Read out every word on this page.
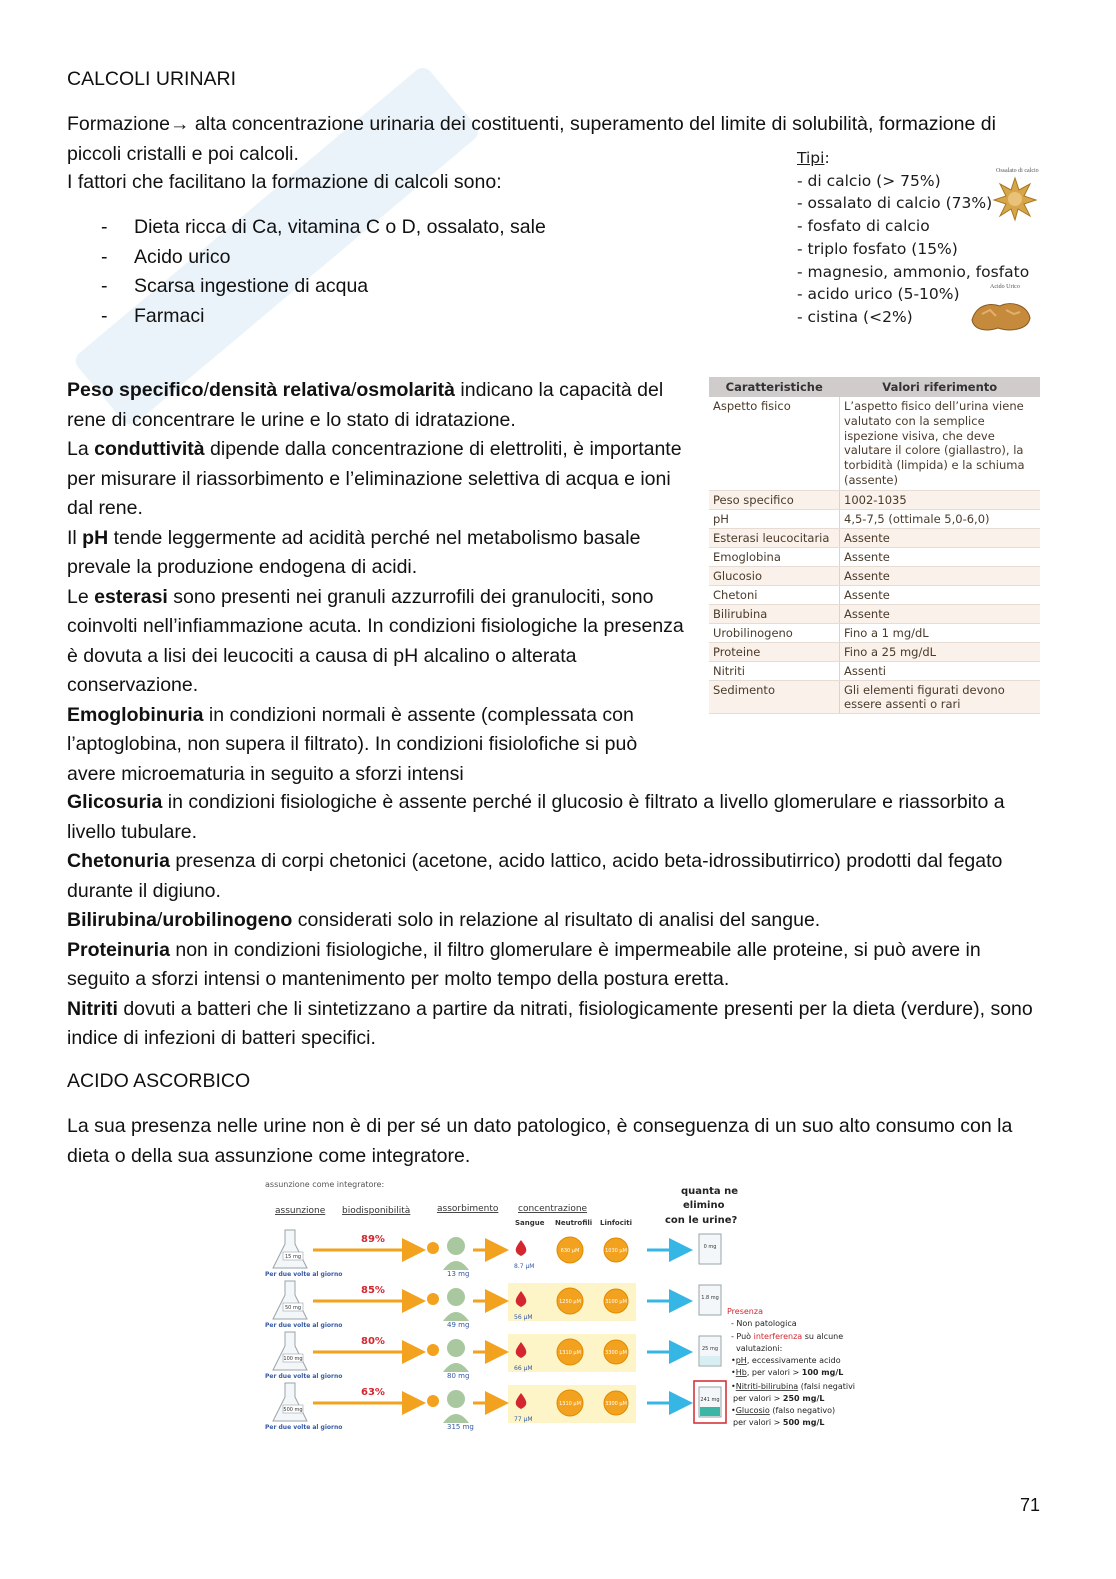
CALCOLI URINARI

Formazione→ alta concentrazione urinaria dei costituenti, superamento del limite di solubilità, formazione di piccoli cristalli e poi calcoli.

I fattori che facilitano la formazione di calcoli sono:

- Dieta ricca di Ca, vitamina C o D, ossalato, sale
- Acido urico
- Scarsa ingestione di acqua
- Farmaci
Tipi:
- di calcio (> 75%)
- ossalato di calcio (73%)
- fosfato di calcio
- triplo fosfato (15%)
- magnesio, ammonio, fosfato
- acido urico (5-10%)
- cistina (<2%)
Ossalato di calcio
Acido Urico
Caratteristiche	Valori riferimento
Aspetto fisico	L’aspetto fisico dell’urina viene valutato con la semplice ispezione visiva, che deve valutare il colore (giallastro), la torbidità (limpida) e la schiuma (assente)
Peso specifico	1002-1035
pH	4,5-7,5 (ottimale 5,0-6,0)
Esterasi leucocitaria	Assente
Emoglobina	Assente
Glucosio	Assente
Chetoni	Assente
Bilirubina	Assente
Urobilinogeno	Fino a 1 mg/dL
Proteine	Fino a 25 mg/dL
Nitriti	Assenti
Sedimento	Gli elementi figurati devono essere assenti o rari

Peso specifico/densità relativa/osmolarità indicano la capacità del rene di concentrare le urine e lo stato di idratazione.

La conduttività dipende dalla concentrazione di elettroliti, è importante per misurare il riassorbimento e l’eliminazione selettiva di acqua e ioni dal rene.

Il pH tende leggermente ad acidità perché nel metabolismo basale prevale la produzione endogena di acidi.

Le esterasi sono presenti nei granuli azzurrofili dei granulociti, sono coinvolti nell’infiammazione acuta. In condizioni fisiologiche la presenza è dovuta a lisi dei leucociti a causa di pH alcalino o alterata conservazione.

Emoglobinuria in condizioni normali è assente (complessata con l’aptoglobina, non supera il filtrato). In condizioni fisiolofiche si può avere microematuria in seguito a sforzi intensi

Glicosuria in condizioni fisiologiche è assente perché il glucosio è filtrato a livello glomerulare e riassorbito a livello tubulare.

Chetonuria presenza di corpi chetonici (acetone, acido lattico, acido beta-idrossibutirrico) prodotti dal fegato durante il digiuno.

Bilirubina/urobilinogeno considerati solo in relazione al risultato di analisi del sangue.

Proteinuria non in condizioni fisiologiche, il filtro glomerulare è impermeabile alle proteine, si può avere in seguito a sforzi intensi o mantenimento per molto tempo della postura eretta.

Nitriti dovuti a batteri che li sintetizzano a partire da nitrati, fisiologicamente presenti per la dieta (verdure), sono indice di infezioni di batteri specifici.

ACIDO ASCORBICO

La sua presenza nelle urine non è di per sé un dato patologico, è conseguenza di un suo alto consumo con la dieta o della sua assunzione come integratore.

assunzione come integratore:
assunzione biodisponibilità	assorbimento concentrazione
Sangue Neutrofili Linfociti
quanta ne
elimino
con le urine?
15 mg
Per due volte al giorno
89%
13 mg
8.7 µM
630 µM	1030 µM
0 mg
50 mg
Per due volte al giorno
85%
49 mg
56 µM
1250 µM	3100 µM
1.8 mg
100 mg
Per due volte al giorno
80%
80 mg
66 µM
1310 µM	3300 µM
25 mg
500 mg
Per due volte al giorno
63%
315 mg
77 µM
1310 µM	3300 µM
241 mg
Presenza
- Non patologica
- Può interferenza su alcune
valutazioni:
•pH, eccessivamente acido
•Hb, per valori > 100 mg/L
•Nitriti-bilirubina (falsi negativi
per valori > 250 mg/L
•Glucosio (falso negativo)
per valori > 500 mg/L
71
